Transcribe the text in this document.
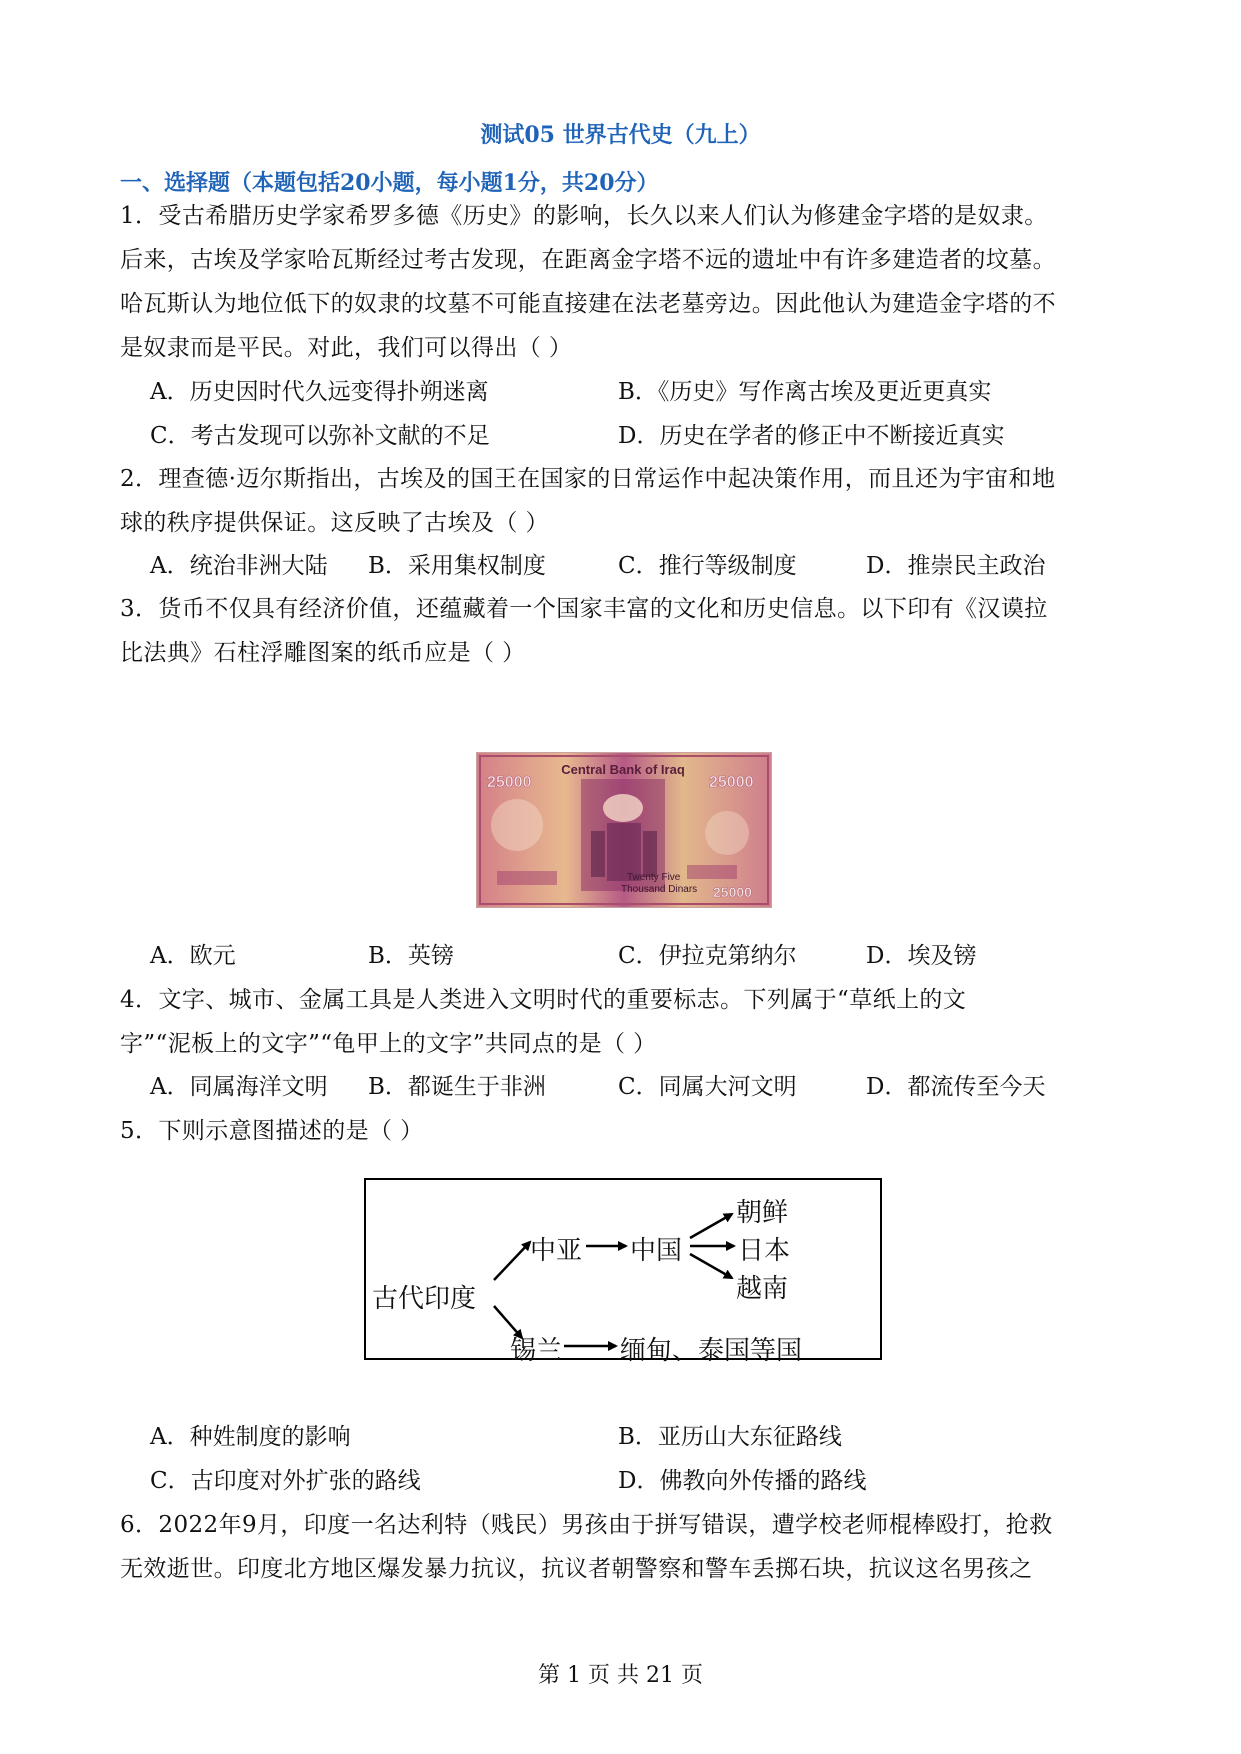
测试05 世界古代史（九上）
一、选择题（本题包括20小题，每小题1分，共20分）
1．受古希腊历史学家希罗多德《历史》的影响，长久以来人们认为修建金字塔的是奴隶。
后来，古埃及学家哈瓦斯经过考古发现，在距离金字塔不远的遗址中有许多建造者的坟墓。
哈瓦斯认为地位低下的奴隶的坟墓不可能直接建在法老墓旁边。因此他认为建造金字塔的不
是奴隶而是平民。对此，我们可以得出（ ）
A．历史因时代久远变得扑朔迷离	B．《历史》写作离古埃及更近更真实
C．考古发现可以弥补文献的不足	D．历史在学者的修正中不断接近真实
2．理查德·迈尔斯指出，古埃及的国王在国家的日常运作中起决策作用，而且还为宇宙和地
球的秩序提供保证。这反映了古埃及（ ）
A．统治非洲大陆 B．采用集权制度	C．推行等级制度	D．推崇民主政治
3．货币不仅具有经济价值，还蕴藏着一个国家丰富的文化和历史信息。以下印有《汉谟拉
比法典》石柱浮雕图案的纸币应是（ ）
Central Bank of Iraq
25000	25000
25000
Twenty Five
Thousand Dinars
A．欧元	B．英镑	C．伊拉克第纳尔	D．埃及镑
4．文字、城市、金属工具是人类进入文明时代的重要标志。下列属于“草纸上的文
字”“泥板上的文字”“龟甲上的文字”共同点的是（ ）
A．同属海洋文明 B．都诞生于非洲	C．同属大河文明	D．都流传至今天
5．下则示意图描述的是（ ）
古代印度
中亚 中国
朝鲜
日本
越南
锡兰 缅甸、泰国等国
A．种姓制度的影响	B．亚历山大东征路线
C．古印度对外扩张的路线	D．佛教向外传播的路线
6．2022年9月，印度一名达利特（贱民）男孩由于拼写错误，遭学校老师棍棒殴打，抢救
无效逝世。印度北方地区爆发暴力抗议，抗议者朝警察和警车丢掷石块，抗议这名男孩之
第 1 页 共 21 页
